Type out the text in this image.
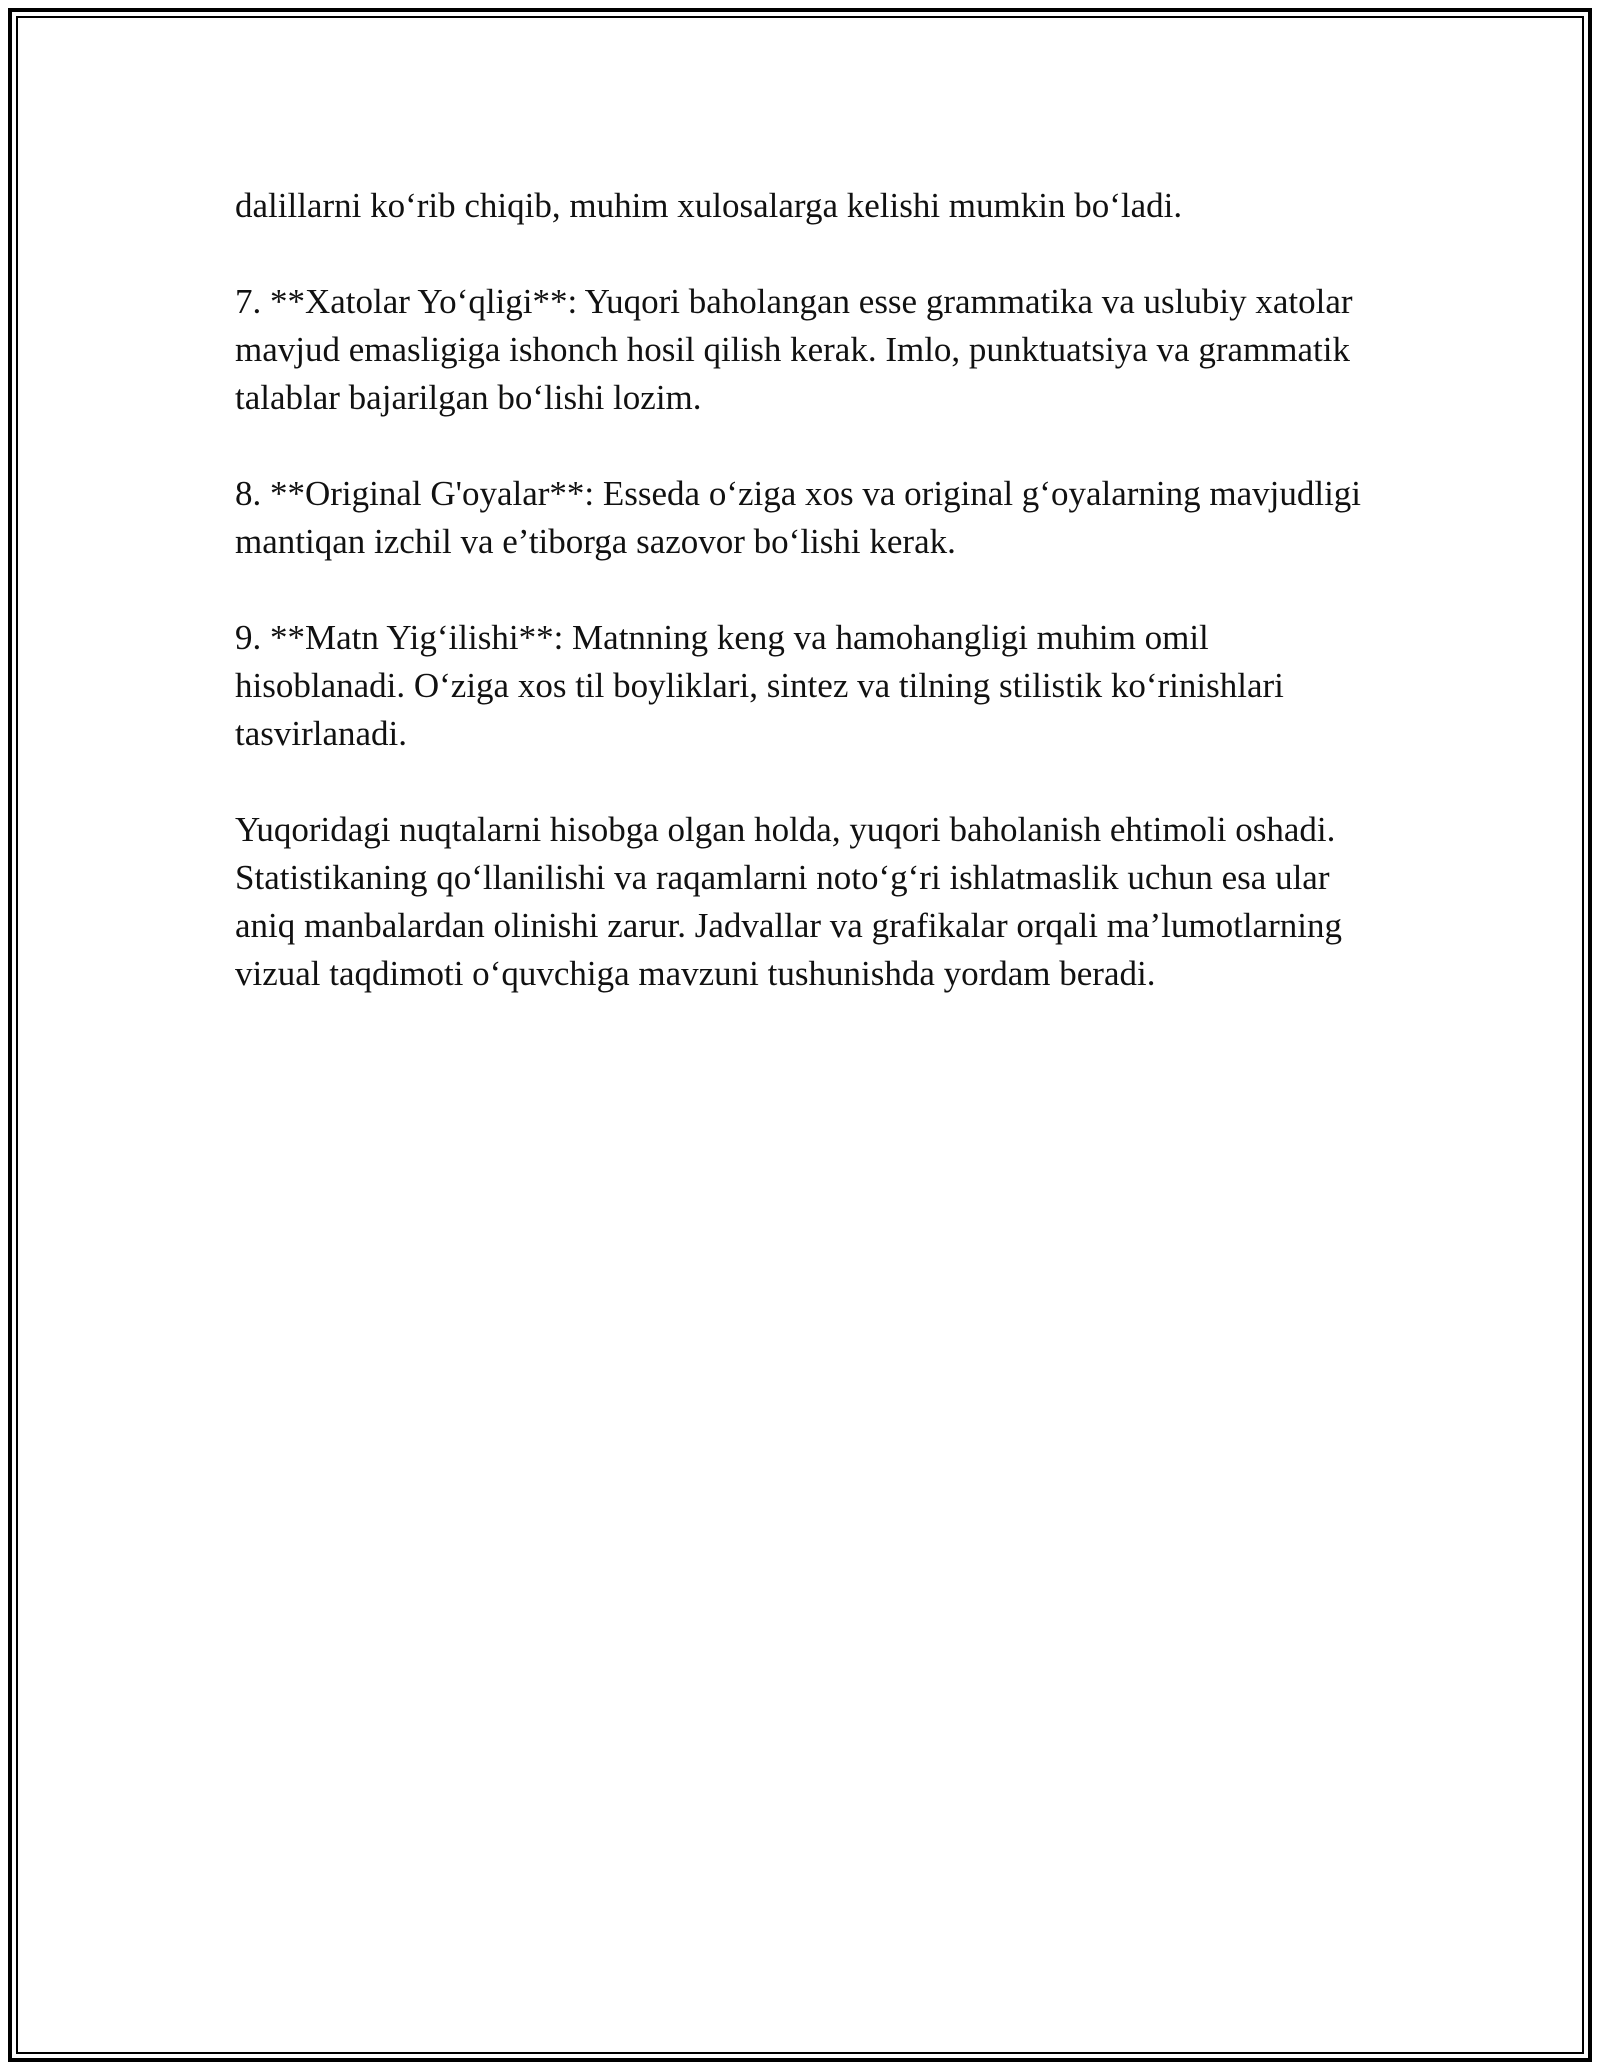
dalillarni ko‘rib chiqib, muhim xulosalarga kelishi mumkin bo‘ladi.

7. **Xatolar Yo‘qligi**: Yuqori baholangan esse grammatika va uslubiy xatolar mavjud emasligiga ishonch hosil qilish kerak. Imlo, punktuatsiya va grammatik talablar bajarilgan bo‘lishi lozim.

8. **Original G'oyalar**: Esseda o‘ziga xos va original g‘oyalarning mavjudligi mantiqan izchil va e’tiborga sazovor bo‘lishi kerak.

9. **Matn Yig‘ilishi**: Matnning keng va hamohangligi muhim omil hisoblanadi. O‘ziga xos til boyliklari, sintez va tilning stilistik ko‘rinishlari tasvirlanadi.

Yuqoridagi nuqtalarni hisobga olgan holda, yuqori baholanish ehtimoli oshadi. Statistikaning qo‘llanilishi va raqamlarni noto‘g‘ri ishlatmaslik uchun esa ular aniq manbalardan olinishi zarur. Jadvallar va grafikalar orqali ma’lumotlarning vizual taqdimoti o‘quvchiga mavzuni tushunishda yordam beradi.
